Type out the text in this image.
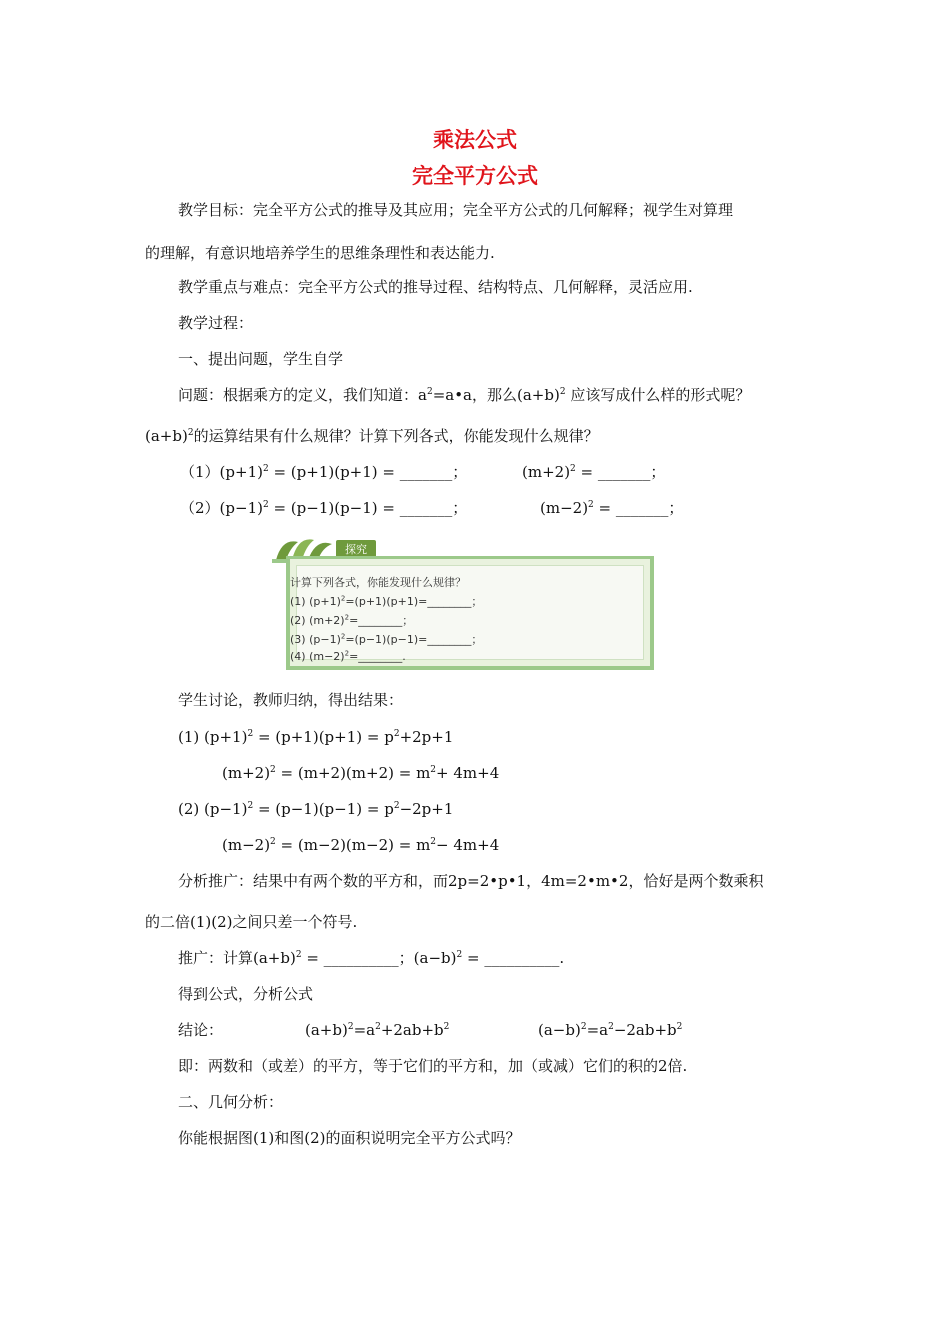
乘法公式
完全平方公式
教学目标：完全平方公式的推导及其应用；完全平方公式的几何解释；视学生对算理
的理解，有意识地培养学生的思维条理性和表达能力.
教学重点与难点：完全平方公式的推导过程、结构特点、几何解释，灵活应用.
教学过程：
一、提出问题，学生自学
问题：根据乘方的定义，我们知道：$a^2=a•a$，那么$(a+b)^2$ 应该写成什么样的形式呢？
$(a+b)^2$的运算结果有什么规律？计算下列各式，你能发现什么规律？
$(1)(p+1)^2 = (p+1)(p+1)$ = _______；	$(m+2)^2$ = _______；
$(2)(p-1)^2 = (p-1)(p-1)$ = _______；	$(m-2)^2$ = _______；
探究
计算下列各式，你能发现什么规律？
(1) $(p+1)^2=(p+1)(p+1)=\_\_\_\_\_\_\_\_$；
(2) $(m+2)^2=\_\_\_\_\_\_\_\_$；
(3) $(p-1)^2=(p-1)(p-1)=\_\_\_\_\_\_\_\_$；
(4) $(m-2)^2=\_\_\_\_\_\_\_\_$.
学生讨论，教师归纳，得出结果：
(1) $(p+1)^2 = (p+1)(p+1) = p^2+2p+1$
$(m+2)^2 = (m+2)(m+2) = m^2+ 4m+4$
(2) $(p-1)^2 = (p-1)(p-1) = p^2-2p+1$
$(m-2)^2 = (m-2)(m-2) = m^2- 4m+4$
分析推广：结果中有两个数的平方和，而2p=2•p•1，4m=2•m•2，恰好是两个数乘积
的二倍(1)(2)之间只差一个符号.
推广：计算$(a+b)^2$ = __________；$(a-b)^2$ = __________.
得到公式，分析公式
结论：	$(a+b)^2=a^2+2ab+b^2$	$(a-b)^2=a^2-2ab+b^2$
即：两数和（或差）的平方，等于它们的平方和，加（或减）它们的积的2倍.
二、几何分析：
你能根据图(1)和图(2)的面积说明完全平方公式吗？
